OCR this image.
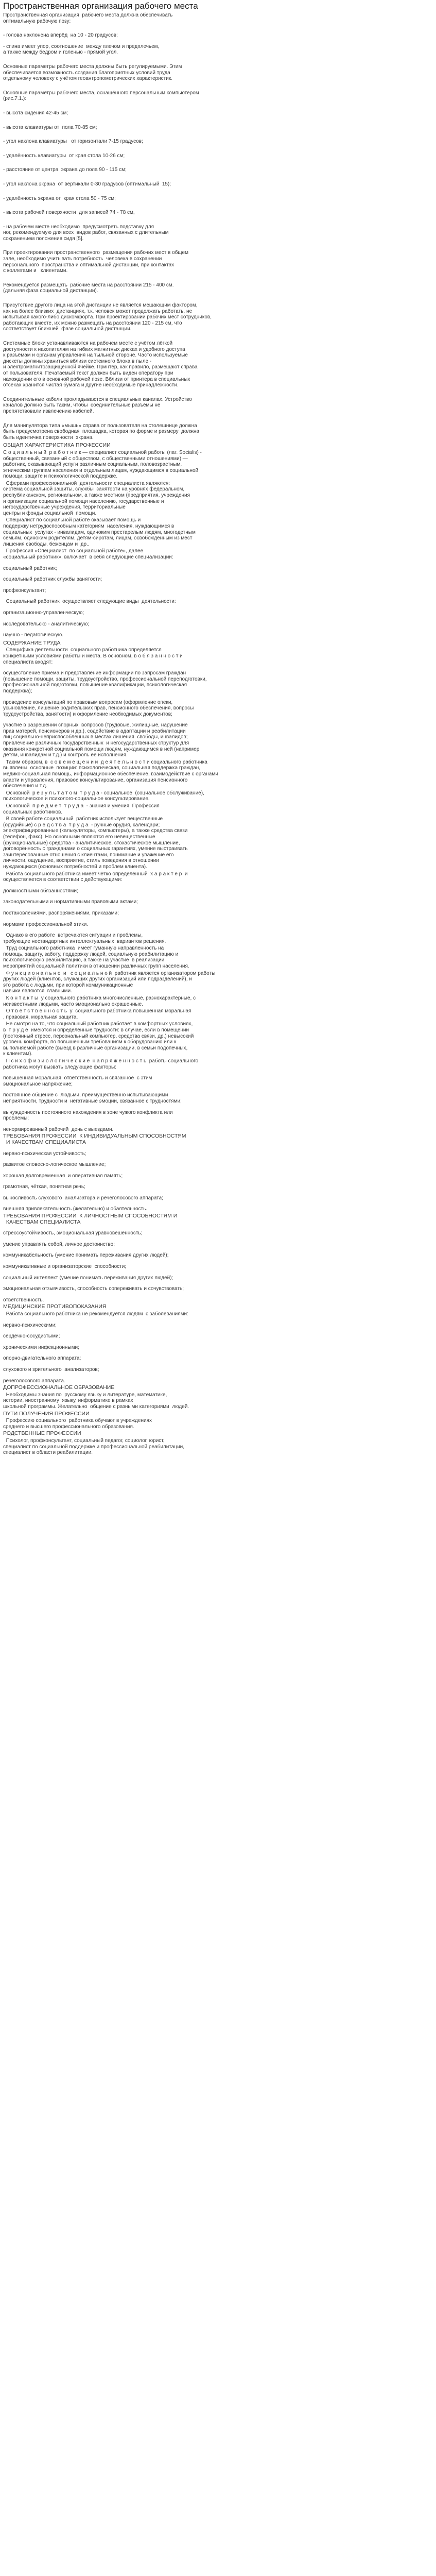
Пространственная организация рабочего места

Пространственная организация  рабочего места должна обеспечивать
оптимальную рабочую позу:

- голова наклонена вперёд  на 10 - 20 градусов;

- спина имеет упор, соотношение  между плечом и предплечьем,
а также между бедром и голенью - прямой угол.

Основные параметры рабочего места должны быть регулируемыми. Этим
обеспечивается возможность создания благоприятных условий труда
отдельному человеку с учётом геоантропометрических характеристик.

Основные параметры рабочего места, оснащённого персональным компьютером
(рис.7.1.):

- высота сидения 42-45 см;

- высота клавиатуры от  пола 70-85 см;

- угол наклона клавиатуры   от горизонтали 7-15 градусов;

- удалённость клавиатуры  от края стола 10-26 см;

- расстояние от центра  экрана до пола 90 - 115 см;

- угол наклона экрана  от вертикали 0-30 градусов (оптимальный  15);

- удалённость экрана от  края стола 50 - 75 см;

- высота рабочей поверхности  для записей 74 - 78 см,

- на рабочем месте необходимо  предусмотреть подставку для
ног, рекомендуемую для всех  видов работ, связанных с длительным
сохранением положения сидя [5].

При проектировании пространственного  размещения рабочих мест в общем
зале, необходимо учитывать потребность  человека в сохранении
персонального  пространства и оптимальной дистанции, при контактах
с коллегами и   клиентами.

Рекомендуется размещать  рабочие места на расстоянии 215 - 400 см.
(дальняя фаза социальной дистанции).

Присутствие другого лица на этой дистанции не является мешающим фактором,
как на более близких  дистанциях, т.к. человек может продолжать работать, не
испытывая какого-либо дискомфорта. При проектировании рабочих мест сотрудников,
работающих вместе, их можно размещать на расстоянии 120 - 215 см, что
соответствует ближней  фазе социальной дистанции.

Системные блоки устанавливаются на рабочем месте с учётом лёгкой
доступности к накопителям на гибких магнитных дисках и удобного доступа
к разъёмам и органам управления на тыльной стороне. Часто используемые
дискеты должны храниться вблизи системного блока в пыле -
и электромагнитозащищённой ячейке. Принтер, как правило, размещают справа
от пользователя. Печатаемый текст должен быть виден оператору при
нахождении его в основной рабочей позе. Вблизи от принтера в специальных
отсеках хранится чистая бумага и другие необходимые принадлежности.

Соединительные кабели прокладываются в специальных каналах. Устройство
каналов должно быть таким, чтобы  соединительные разъёмы не
препятствовали извлечению кабелей.

Для манипулятора типа «мышь» справа от пользователя на столешнице должна
быть предусмотрена свободная  площадка, которая по форме и размеру  должна
быть идентична поверхности  экрана.

ОБЩАЯ ХАРАКТЕРИСТИКА ПРОФЕССИИ

С о ц и а л ь н ы й  р а б о т н и к — специалист социальной работы (лат. Socialis) -
общественный, связанный с обществом, с общественными отношениями) —
работник, оказывающий услуги различным социальным, половозрастным,
этническим группам населения и отдельным лицам, нуждающимся в социальной
помощи, защите и психологической поддержке.

Сферами профессиональной  деятельности специалиста являются:
система социальной защиты, службы  занятости на уровнях федеральном,
республиканском, региональном, а также местном (предприятия, учреждения
и организации социальной помощи населению, государственные и
негосударственные учреждения, территориальные
центры и фонды социальной  помощи.

Специалист по социальной работе оказывает помощь и
поддержку нетрудоспособным категориям  населения, нуждающимся в
социальных  услугах - инвалидам, одиноким престарелым людям, многодетным
семьям, одиноким родителям, детям-сиротам, лицам, освобождённым из мест
лишения свободы, беженцам и  др..

Профессия «Специалист  по социальной работе», далее
«социальный работник», включает  в себя следующие специализации:

социальный работник;

социальный работник службы занятости;

профконсультант;

Социальный работник  осуществляет следующие виды  деятельности:

организационно-управленческую;

исследовательско - аналитическую;

научно - педагогическую.

СОДЕРЖАНИЕ ТРУДА

Специфика деятельности  социального работника определяется
конкретными условиями работы и места. В основном, в о б я з а н н о с т и
специалиста входят:

осуществление приема и представление информации по запросам граждан
(повышение помощи, защиты, трудоустройство, профессиональной переподготовки,
профессиональной подготовки, повышение квалификации, психологическая
поддержка);

проведение консультаций по правовым вопросам (оформление опеки,
усыновление, лишение родительских прав, пенсионного обеспечения, вопросы
трудоустройства, занятости) и оформление необходимых документов;

участие в разрешении спорных  вопросов (трудовые, жилищные, нарушение
прав матерей, пенсионеров и др.), содействие в адаптации и реабилитации
лиц социально-неприспособленных в местах лишения  свободы, инвалидов;
привлечение различных государственных  и негосударственных структур для
оказания конкретной социальной помощи людям, нуждающимся в ней (например
детям, инвалидам и т.д.) и контроль ее исполнения.

Таким образом, в  с о в е м е щ е н и и  д е я т е л ь н о с т и социального работника
выявлены  основные  позиции: психологическая, социальная поддержка граждан,
медико-социальная помощь, информационное обеспечение, взаимодействие с органами
власти и управления, правовое консультирование, организация пенсионного
обеспечения и т.д.

Основной  р е з у л ь т а т о м  т р у д а - социальное  (социальное обслуживание),
психологическое и психолого-социальное консультирование.

Основной  п р е д м е т  т р у д а  - знания и умения. Профессия
социальных работников.

В своей работе социальный  работник использует вещественные
(орудийные) с р е д с т в а  т р у д а  - ручные орудия, календари;
электрифицированные (калькуляторы, компьютеры), а также средства связи
(телефон, факс). Но основными являются его невещественные
(функциональные) средства - аналитическое, стохастическое мышление,
договорённость с гражданами о социальных гарантиях, умение выстраивать
заинтересованные отношения с клиентами, понимание и уважение его
личности, ощущение, восприятие, стиль поведения в отношении
нуждающихся (основных потребностей и проблем клиента).

Работа социального работника имеет чётко определённый  х а р а к т е р  и
осуществляется в соответствии с действующими:

должностными обязанностями;

законодательными и нормативными правовыми актами;

постановлениями, распоряжениями, приказами;

нормами профессиональной этики.

Однако в его работе  встречаются ситуации и проблемы,
требующие нестандартных интеллектуальных  вариантов решения.

Труд социального работника  имеет гуманную направленность на
помощь, защиту, заботу, поддержку людей, социальную реабилитацию и
психологическую реабилитацию, а также на участие  в реализации
мероприятий социальной политики в отношении различных групп населения.

Ф у н к ц и о н а л ь н о  и   с о ц и а л ь н о й  работник является организатором работы
других людей (клиентов, служащих других организаций или подразделений), и
это работа с людьми, при которой коммуникационные
навыки являются  главными.

К о н т а к т ы  у социального работника многочисленные, разнохарактерные, с
неизвестными людьми, часто эмоционально окрашенные.

О т в е т с т в е н н о с т ь  у  социального работника повышенная моральная
, правовая, моральная защита.

Не смотря на то, что социальный работник работает в комфортных условиях,
в  т р у д е  имеются и определённые трудности: в случае, если в помещении
(постоянный стресс, персональный компьютер, средства связи, др.) невысокий
уровень комфорта, по повышенным требованиям к оборудованию или к
выполняемой работе (выезд в различные организации, в семьи подопечных,
к клиентам).

П с и х о ф и з и о л о г и ч е с к и е  н а п р я ж е н н о с т ь  работы социального
работника могут вызвать следующие факторы:

повышенная моральная  ответственность и связанное  с этим
эмоциональное напряжение;

постоянное общение с  людьми, преимущественно испытывающими
неприятности, трудности и  негативные эмоции, связанное с трудностями;

вынужденность постоянного нахождения в зоне чужого конфликта или
проблемы;

ненормированный рабочий  день с выездами.

ТРЕБОВАНИЯ ПРОФЕССИИ  К ИНДИВИДУАЛЬНЫМ СПОСОБНОСТЯМ
И КАЧЕСТВАМ СПЕЦИАЛИСТА

нервно-психическая устойчивость;

развитое словесно-логическое мышление;

хорошая долговременная  и оперативная память;

грамотная, чёткая, понятная речь;

выносливость слухового  анализатора и речеголосового аппарата;

внешняя привлекательность (желательно) и обаятельность.

ТРЕБОВАНИЯ ПРОФЕССИИ  К ЛИЧНОСТНЫМ СПОСОБНОСТЯМ И
КАЧЕСТВАМ СПЕЦИАЛИСТА

стрессоустойчивость, эмоциональная уравновешенность;

умение управлять собой, личное достоинство;

коммуникабельность (умение понимать переживания других людей);

коммуникативные и организаторские  способности;

социальный интеллект (умение понимать переживания других людей);

эмоциональная отзывчивость, способность сопереживать и сочувствовать;

ответственность.

МЕДИЦИНСКИЕ ПРОТИВОПОКАЗАНИЯ

Работа социального работника не рекомендуется людям  с заболеваниями:

нервно-психическими;

сердечно-сосудистыми;

хроническими инфекционными;

опорно-двигательного аппарата;

слухового и зрительного  анализаторов;

речеголосового аппарата.

ДОПРОФЕССИОНАЛЬНОЕ ОБРАЗОВАНИЕ

Необходимы знания по  русскому языку и литературе, математике,
истории, иностранному  языку, информатике в рамках
школьной программы. Желательно  общение с разными категориями  людей.

ПУТИ ПОЛУЧЕНИЯ ПРОФЕССИИ

Профессию социального  работника обучают в учреждениях
среднего и высшего профессионального образования.

РОДСТВЕННЫЕ ПРОФЕССИИ

Психолог, профконсультант, социальный педагог, социолог, юрист,
специалист по социальной поддержке и профессиональной реабилитации,
специалист в области реабилитации.
